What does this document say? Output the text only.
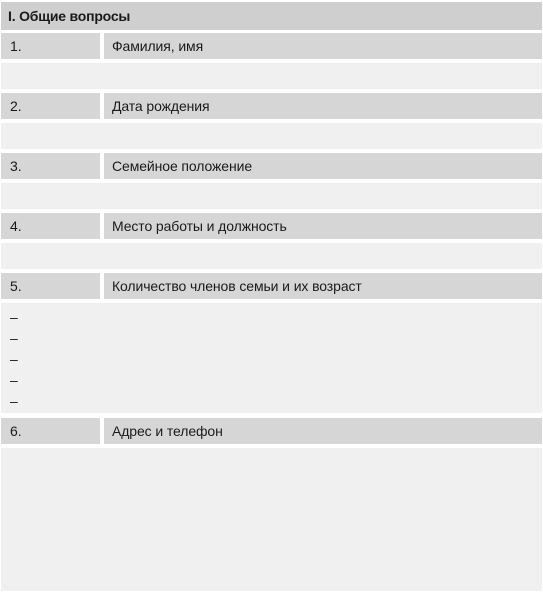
I. Общие вопросы
1.	Фамилия, имя
2.	Дата рождения
3.	Семейное положение
4.	Место работы и должность
5.	Количество членов семьи и их возраст
–
–
–
–
–
6.	Адрес и телефон
